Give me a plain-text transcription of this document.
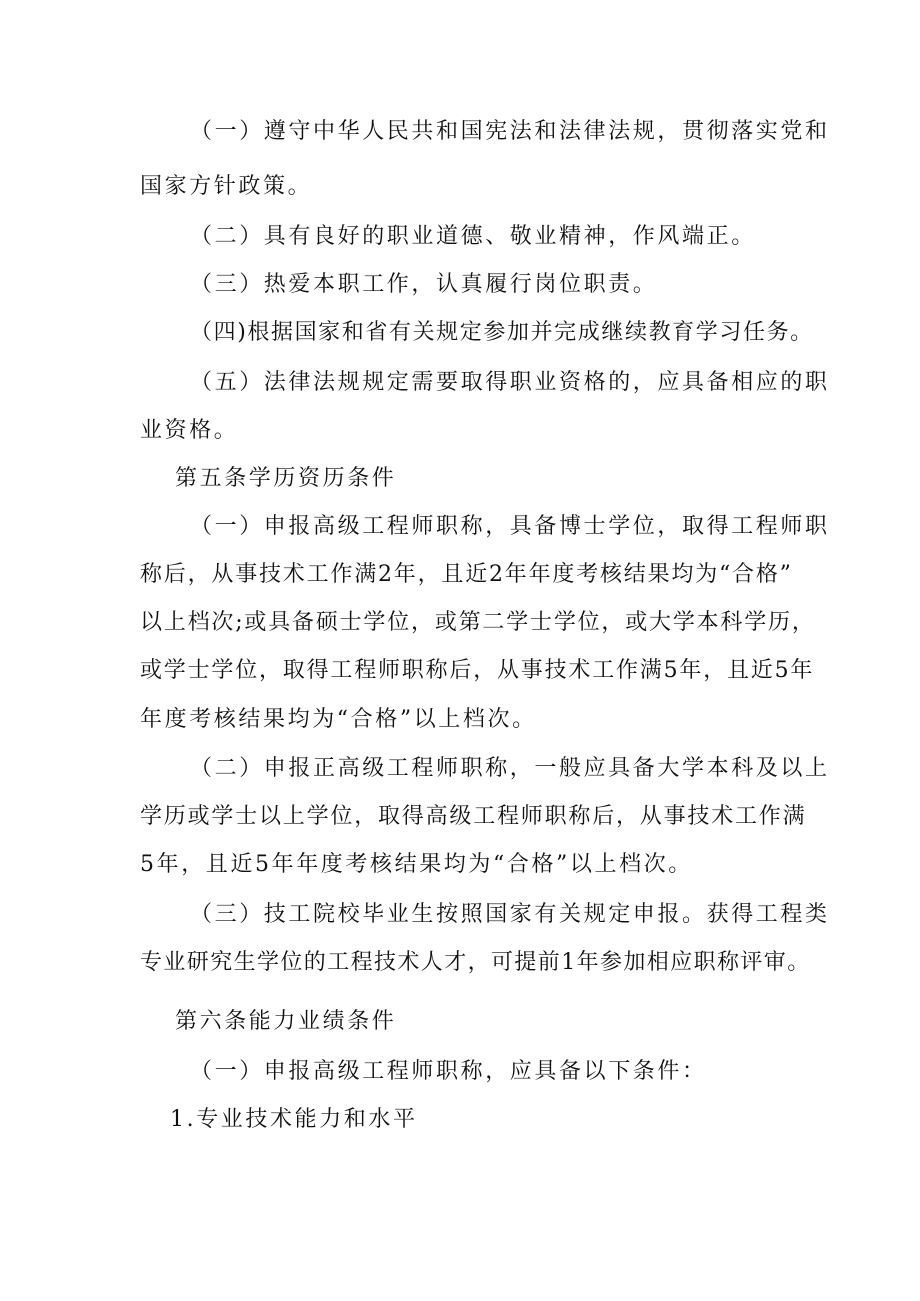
（一）遵守中华人民共和国宪法和法律法规，贯彻落实党和
国家方针政策。
（二）具有良好的职业道德、敬业精神，作风端正。
（三）热爱本职工作，认真履行岗位职责。
（四)根据国家和省有关规定参加并完成继续教育学习任务。
（五）法律法规规定需要取得职业资格的，应具备相应的职
业资格。
第五条学历资历条件
（一）申报高级工程师职称，具备博士学位，取得工程师职
称后，从事技术工作满2年，且近2年年度考核结果均为“合格”
以上档次;或具备硕士学位，或第二学士学位，或大学本科学历，
或学士学位，取得工程师职称后，从事技术工作满5年，且近5年
年度考核结果均为“合格”以上档次。
（二）申报正高级工程师职称，一般应具备大学本科及以上
学历或学士以上学位，取得高级工程师职称后，从事技术工作满
5年，且近5年年度考核结果均为“合格”以上档次。
（三）技工院校毕业生按照国家有关规定申报。获得工程类
专业研究生学位的工程技术人才，可提前1年参加相应职称评审。
第六条能力业绩条件
（一）申报高级工程师职称，应具备以下条件：
1.专业技术能力和水平
